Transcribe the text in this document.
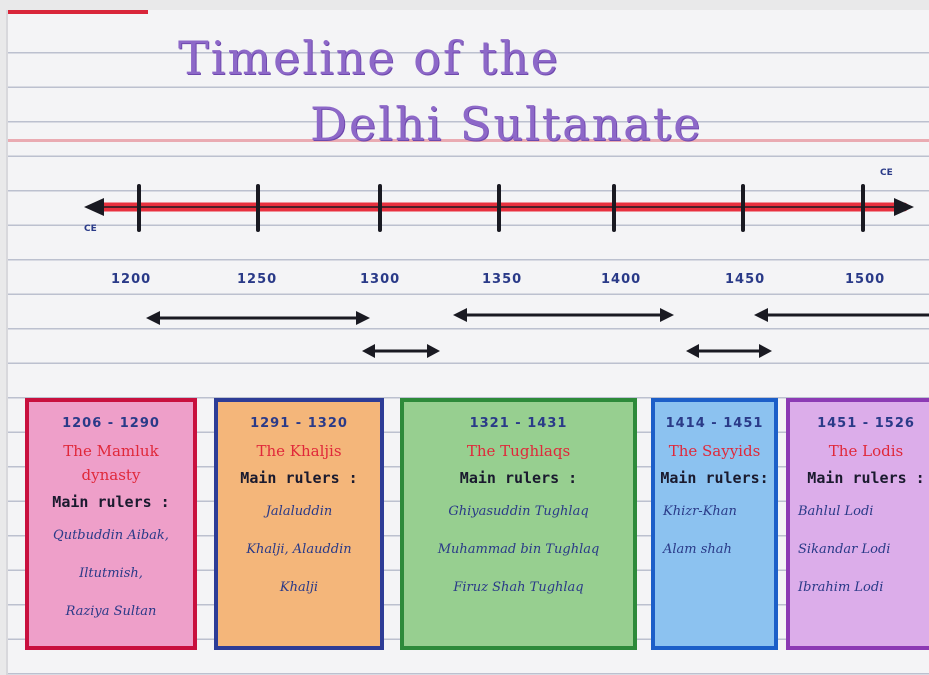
Timeline of the
Delhi Sultanate
CE
CE
1200	1250	1300	1350	1400	1450	1500
1206 - 1290
The Mamluk
dynasty
Main rulers :
Qutbuddin Aibak,
Iltutmish,
Raziya Sultan
1291 - 1320
The Khaljis
Main rulers :
Jalaluddin
Khalji, Alauddin
Khalji
1321 - 1431
The Tughlaqs
Main rulers :
Ghiyasuddin Tughlaq
Muhammad bin Tughlaq
Firuz Shah Tughlaq
1414 - 1451
The Sayyids
Main rulers:
Khizr-Khan
Alam shah
1451 - 1526
The Lodis
Main rulers :
Bahlul Lodi
Sikandar Lodi
Ibrahim Lodi
